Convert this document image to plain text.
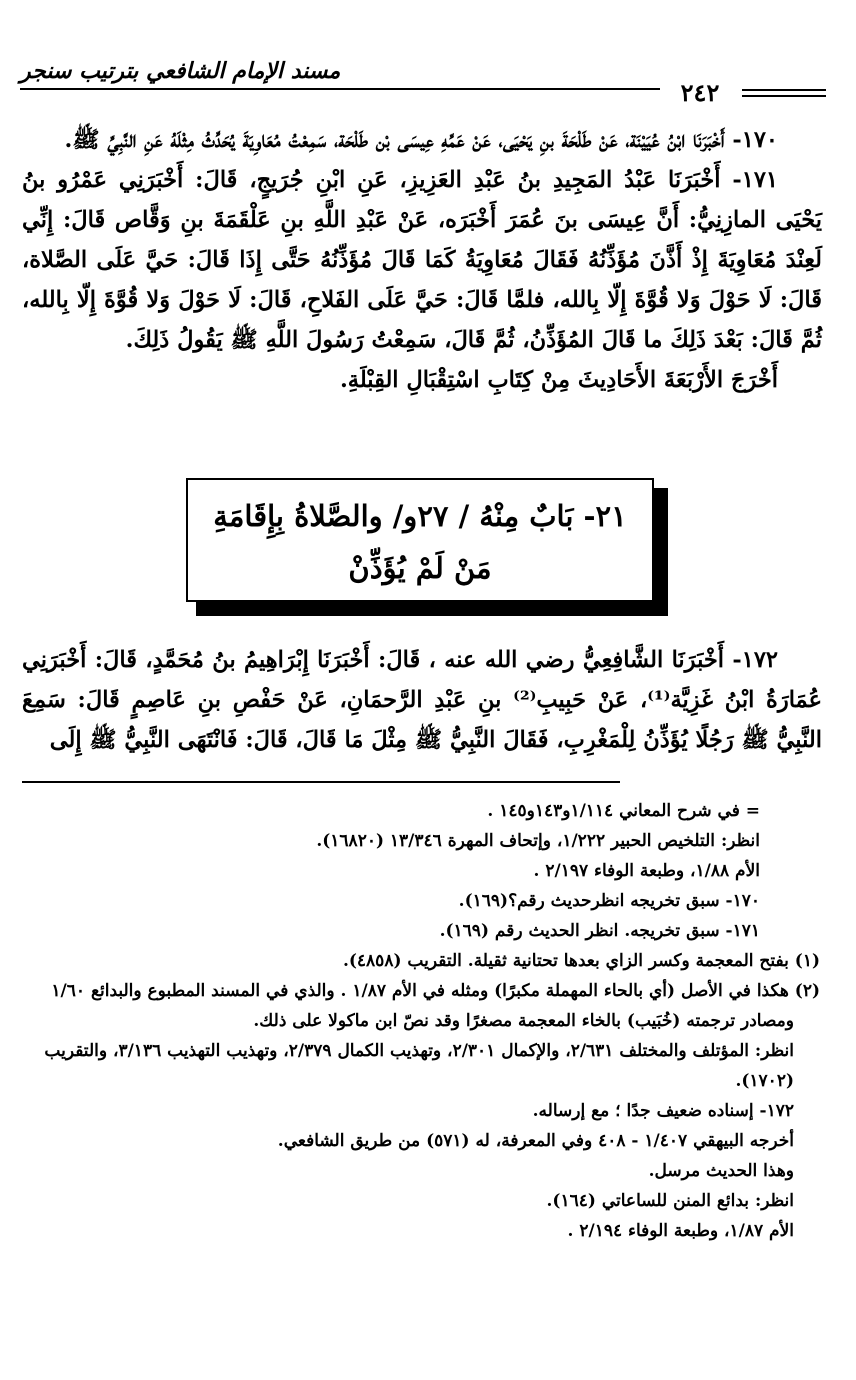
مسند الإمام الشافعي بترتيب سنجر
٢٤٢

١٧٠- أَخْبَرَنَا ابْنُ عُيَيْنَة، عَنْ طَلْحَةَ بنِ يَحْيَى، عَنْ عَمِّهِ عِيسَى بْن طَلْحَة، سَمِعْتُ مُعَاوِيَةَ يُحَدِّثُ مِثْلَهُ عَنِ النَّبِيِّ ﷺ.

١٧١- أَخْبَرَنَا عَبْدُ المَجِيدِ بنُ عَبْدِ العَزِيزِ، عَنِ ابْنِ جُرَيجٍ، قَالَ: أَخْبَرَنِي عَمْرُو بنُ يَحْيَى المازِنِيُّ: أَنَّ عِيسَى بنَ عُمَرَ أَخْبَرَه، عَنْ عَبْدِ اللَّهِ بنِ عَلْقَمَةَ بنِ وَقَّاص قَالَ: إِنِّي لَعِنْدَ مُعَاوِيَةَ إِذْ أَذَّنَ مُؤَذِّنُهُ فَقَالَ مُعَاوِيَةُ كَمَا قَالَ مُؤَذِّنُهُ حَتَّى إِذَا قَالَ: حَيَّ عَلَى الصَّلاة، قَالَ: لَا حَوْلَ وَلا قُوَّةَ إِلّا بِالله، فلمَّا قَالَ: حَيَّ عَلَى الفَلاحِ، قَالَ: لَا حَوْلَ وَلا قُوَّةَ إِلّا بِالله، ثُمَّ قَالَ: بَعْدَ ذَلِكَ ما قَالَ المُؤَذِّنُ، ثُمَّ قَالَ، سَمِعْتُ رَسُولَ اللَّهِ ﷺ يَقُولُ ذَلِكَ.

أَخْرَجَ الأَرْبَعَةَ الأَحَادِيثَ مِنْ كِتَابِ اسْتِقْبَالِ القِبْلَةِ.

٢١- بَابٌ مِنْهُ / ٢٧و/ والصَّلاةُ بِإِقَامَةِ مَنْ لَمْ يُؤَذِّنْ

١٧٢- أَخْبَرَنَا الشَّافِعِيُّ رضي الله عنه ، قَالَ: أَخْبَرَنَا إِبْرَاهِيمُ بنُ مُحَمَّدٍ، قَالَ: أَخْبَرَنِي عُمَارَةُ ابْنُ غَزِيَّة⁽¹⁾، عَنْ حَبِيبِ⁽²⁾ بنِ عَبْدِ الرَّحمَانِ، عَنْ حَفْصِ بنِ عَاصِمٍ قَالَ: سَمِعَ النَّبِيُّ ﷺ رَجُلًا يُؤَذِّنُ لِلْمَغْرِبِ، فَقَالَ النَّبِيُّ ﷺ مِثْلَ مَا قَالَ، قَالَ: فَانْتَهَى النَّبِيُّ ﷺ إِلَى

= في شرح المعاني ١/١١٤و١٤٣و١٤٥ .

انظر: التلخيص الحبير ١/٢٢٢، وإتحاف المهرة ١٣/٣٤٦ (١٦٨٢٠).

الأم ١/٨٨، وطبعة الوفاء ٢/١٩٧ .

١٧٠- سبق تخريجه انظرحديث رقم؟(١٦٩).

١٧١- سبق تخريجه. انظر الحديث رقم (١٦٩).

(١) بفتح المعجمة وكسر الزاي بعدها تحتانية ثقيلة. التقريب (٤٨٥٨).

(٢) هكذا في الأصل (أي بالحاء المهملة مكبرًا) ومثله في الأم ١/٨٧ . والذي في المسند المطبوع والبدائع ١/٦٠ ومصادر ترجمته (خُبَيب) بالخاء المعجمة مصغرًا وقد نصّ ابن ماكولا على ذلك.

انظر: المؤتلف والمختلف ٢/٦٣١، والإكمال ٢/٣٠١، وتهذيب الكمال ٢/٣٧٩، وتهذيب التهذيب ٣/١٣٦، والتقريب (١٧٠٢).

١٧٢- إسناده ضعيف جدًا ؛ مع إرساله.

أخرجه البيهقي ١/٤٠٧ - ٤٠٨ وفي المعرفة، له (٥٧١) من طريق الشافعي.

وهذا الحديث مرسل.

انظر: بدائع المنن للساعاتي (١٦٤).

الأم ١/٨٧، وطبعة الوفاء ٢/١٩٤ .
